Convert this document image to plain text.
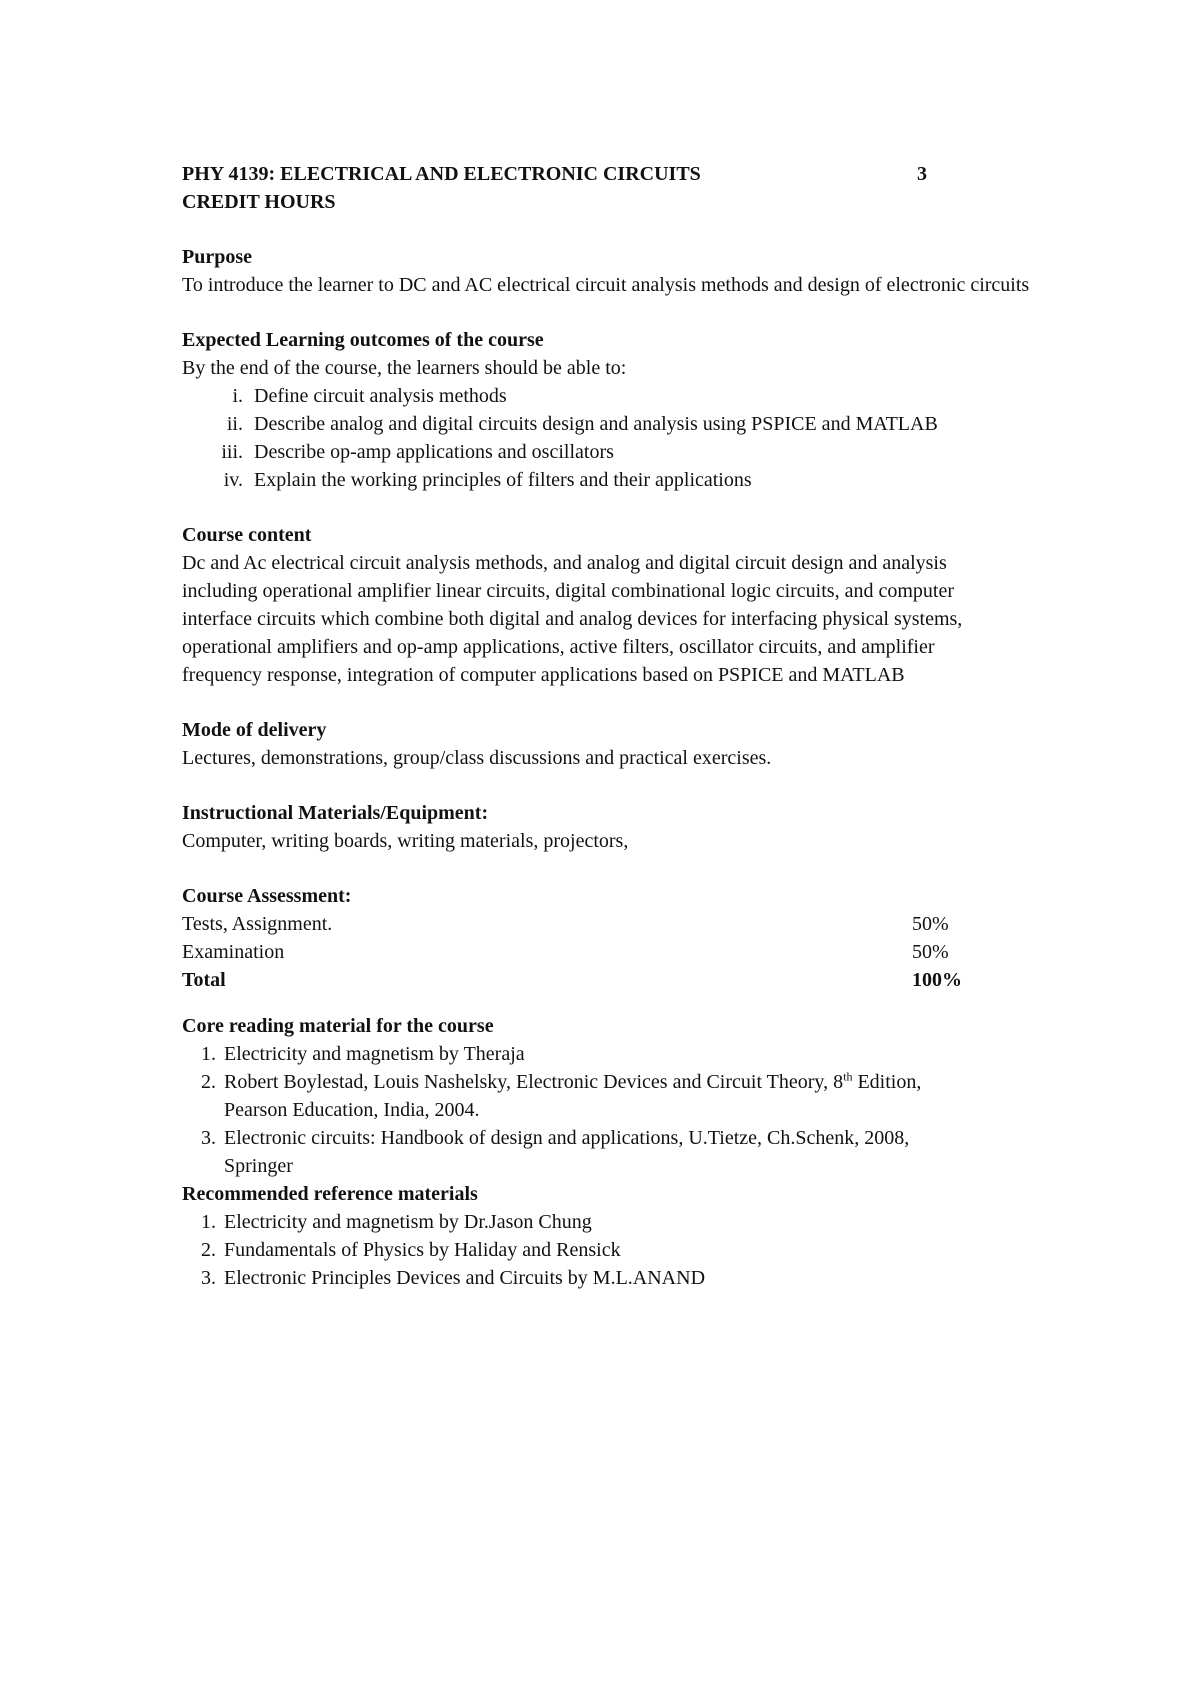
PHY 4139: ELECTRICAL AND ELECTRONIC CIRCUITS	3
CREDIT HOURS

Purpose

To introduce the learner to DC and AC electrical circuit analysis methods and design of electronic circuits

Expected Learning outcomes of the course

By the end of the course, the learners should be able to:

i. Define circuit analysis methods
ii. Describe analog and digital circuits design and analysis using PSPICE and MATLAB
iii. Describe op-amp applications and oscillators
iv. Explain the working principles of filters and their applications

Course content

Dc and Ac electrical circuit analysis methods, and analog and digital circuit design and analysis including operational amplifier linear circuits, digital combinational logic circuits, and computer interface circuits which combine both digital and analog devices for interfacing physical systems, operational amplifiers and op-amp applications, active filters, oscillator circuits, and amplifier frequency response, integration of computer applications based on PSPICE and MATLAB

Mode of delivery

Lectures, demonstrations, group/class discussions and practical exercises.

Instructional Materials/Equipment:

Computer, writing boards, writing materials, projectors,

Course Assessment:

Tests, Assignment.	50%
Examination	50%
Total	100%

Core reading material for the course

1. Electricity and magnetism by Theraja
2. Robert Boylestad, Louis Nashelsky, Electronic Devices and Circuit Theory, 8th Edition, Pearson Education, India, 2004.
3. Electronic circuits: Handbook of design and applications, U.Tietze, Ch.Schenk, 2008, Springer

Recommended reference materials

1. Electricity and magnetism by Dr.Jason Chung
2. Fundamentals of Physics by Haliday and Rensick
3. Electronic Principles Devices and Circuits by M.L.ANAND
